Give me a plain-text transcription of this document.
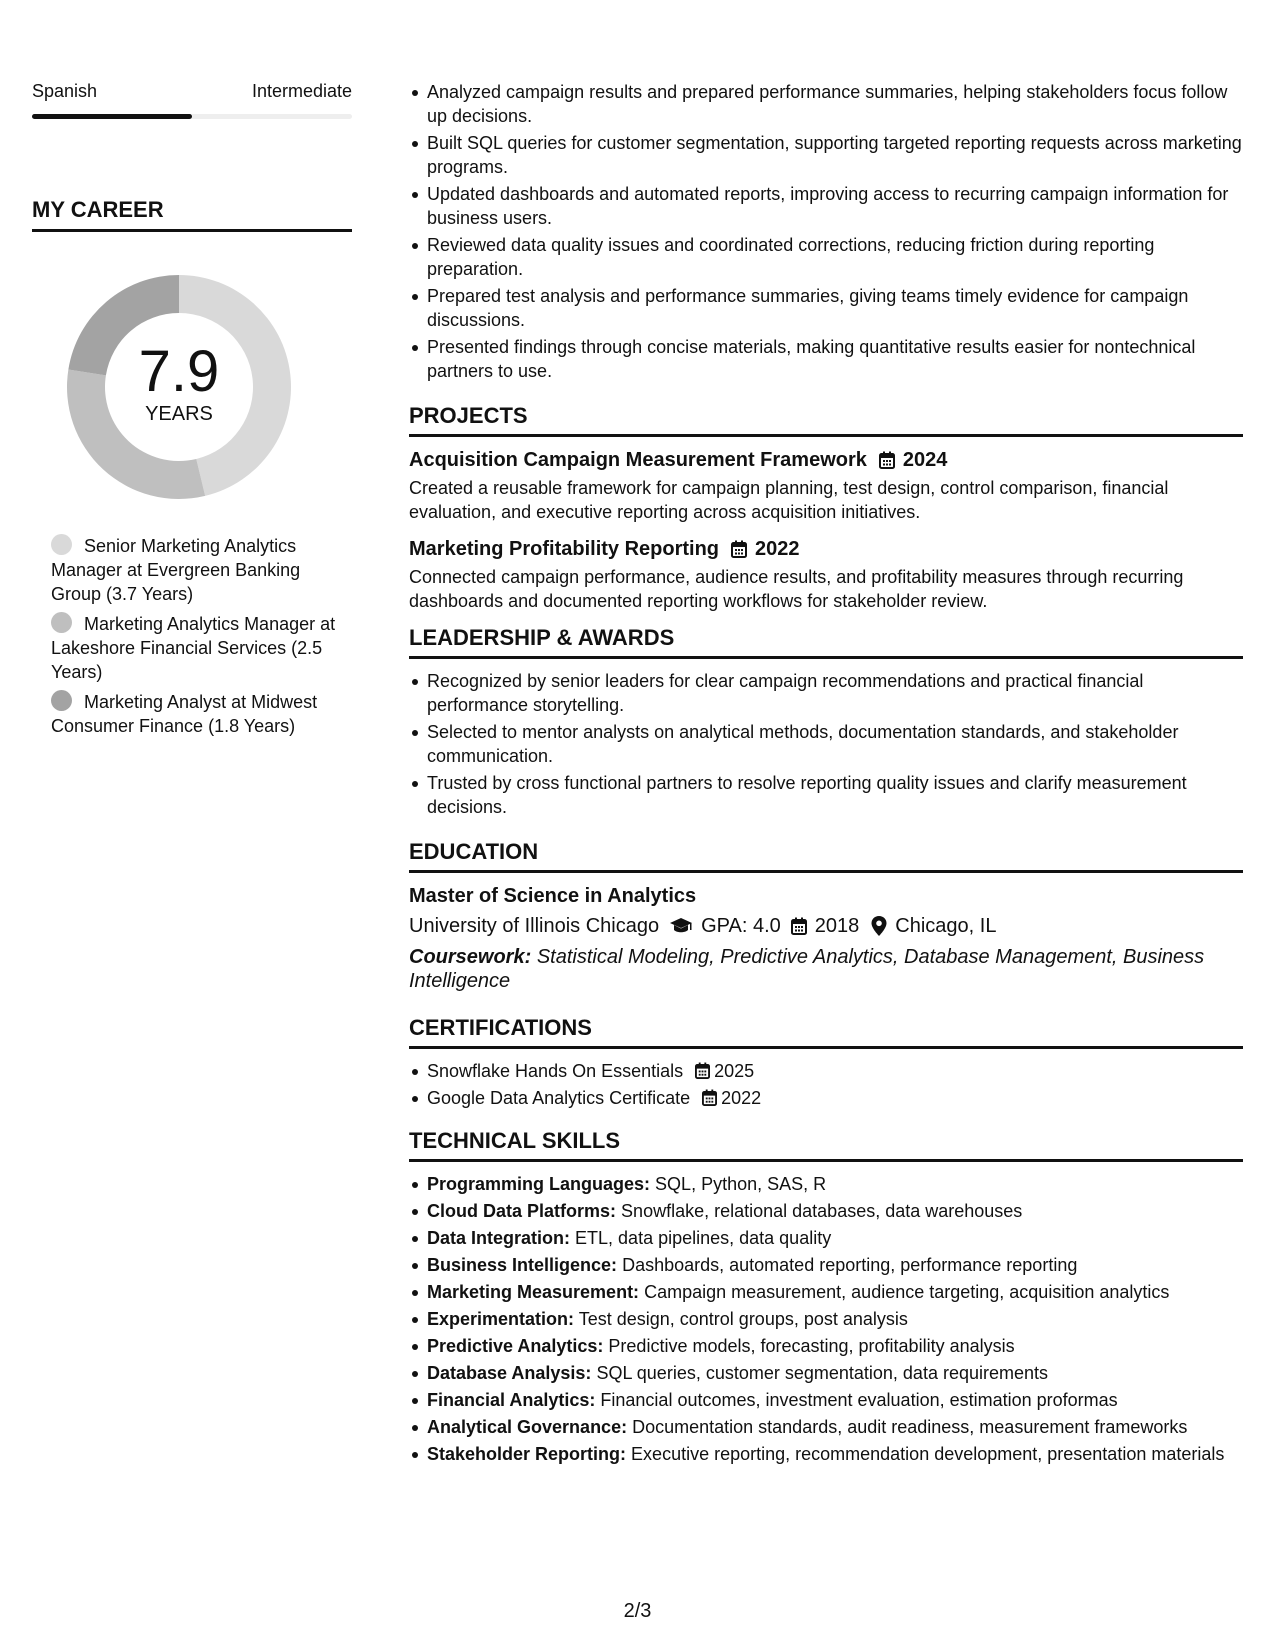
Spanish	Intermediate
MY CAREER
7.9
YEARS
Senior Marketing Analytics Manager at Evergreen Banking Group (3.7 Years)
Marketing Analytics Manager at Lakeshore Financial Services (2.5 Years)
Marketing Analyst at Midwest Consumer Finance (1.8 Years)
Analyzed campaign results and prepared performance summaries, helping stakeholders focus follow up decisions.
Built SQL queries for customer segmentation, supporting targeted reporting requests across marketing programs.
Updated dashboards and automated reports, improving access to recurring campaign information for business users.
Reviewed data quality issues and coordinated corrections, reducing friction during reporting preparation.
Prepared test analysis and performance summaries, giving teams timely evidence for campaign discussions.
Presented findings through concise materials, making quantitative results easier for nontechnical partners to use.
PROJECTS
Acquisition Campaign Measurement Framework 2024
Created a reusable framework for campaign planning, test design, control comparison, financial evaluation, and executive reporting across acquisition initiatives.
Marketing Profitability Reporting 2022
Connected campaign performance, audience results, and profitability measures through recurring dashboards and documented reporting workflows for stakeholder review.
LEADERSHIP & AWARDS
Recognized by senior leaders for clear campaign recommendations and practical financial performance storytelling.
Selected to mentor analysts on analytical methods, documentation standards, and stakeholder communication.
Trusted by cross functional partners to resolve reporting quality issues and clarify measurement decisions.
EDUCATION
Master of Science in Analytics
University of Illinois Chicago GPA: 4.0 2018 Chicago, IL
Coursework: Statistical Modeling, Predictive Analytics, Database Management, Business Intelligence
CERTIFICATIONS
Snowflake Hands On Essentials 2025
Google Data Analytics Certificate 2022
TECHNICAL SKILLS
Programming Languages: SQL, Python, SAS, R
Cloud Data Platforms: Snowflake, relational databases, data warehouses
Data Integration: ETL, data pipelines, data quality
Business Intelligence: Dashboards, automated reporting, performance reporting
Marketing Measurement: Campaign measurement, audience targeting, acquisition analytics
Experimentation: Test design, control groups, post analysis
Predictive Analytics: Predictive models, forecasting, profitability analysis
Database Analysis: SQL queries, customer segmentation, data requirements
Financial Analytics: Financial outcomes, investment evaluation, estimation proformas
Analytical Governance: Documentation standards, audit readiness, measurement frameworks
Stakeholder Reporting: Executive reporting, recommendation development, presentation materials
2/3
